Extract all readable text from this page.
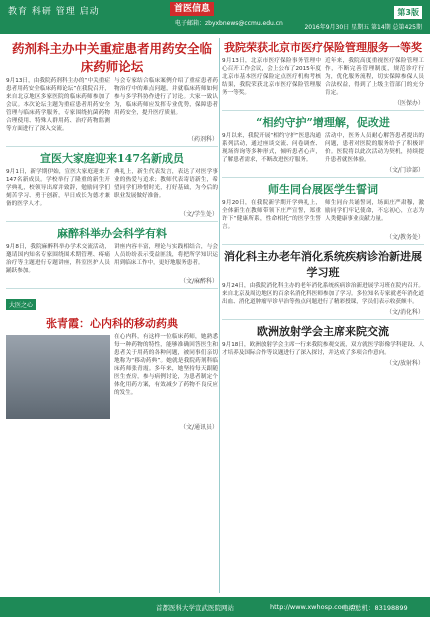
教育 科研 管理 启动	首医信息
电子邮箱：zbyxbnews@ccmu.edu.cn
第3版
2016年9月30日 星期五 第14期 总第425期
药剂科主办中关重症患者用药安全临床药师论坛
9月13日，由我院药剂科主办的“中关重症患者用药安全临床药师论坛”在我院召开，来自北京地区多家医院的临床药师参加了会议。本次论坛主题为重症患者用药安全管理与临床药学服务，专家围绕抗菌药物合理使用、特殊人群用药、治疗药物监测等方面进行了深入交流。
与会专家结合临床案例介绍了重症患者药物治疗中的难点问题，并就临床药师如何参与多学科协作进行了讨论。大家一致认为，临床药师应发挥专业优势，保障患者用药安全，提升医疗质量。
（药剂科）
宣医大家庭迎来147名新成员
9月1日，新学期伊始，宣医大家庭迎来了147名新成员。学校举行了隆重的新生开学典礼，校领导出席并致辞，勉励同学们刻苦学习、勇于创新，早日成长为德才兼备的医学人才。
典礼上，新生代表发言，表达了对医学事业的热爱与追求；教师代表寄语新生，希望同学们珍惜时光，打好基础，为今后的职业发展做好准备。
（文/学生处）
麻醉科举办会科学有料
9月8日，我院麻醉科举办学术交流活动，邀请国内知名专家围绕围术期管理、疼痛治疗等主题进行专题讲座，科室医护人员踊跃参加。
讲座内容丰富，理论与实践相结合，与会人员纷纷表示受益匪浅，将把所学知识运用到临床工作中，更好地服务患者。
（文/麻醉科）
大医之心
张青霞：心内科的移动药典
在心内科，有这样一位临床药师，她熟悉每一种药物的特性，能够准确回答医生和患者关于用药的各种问题，被同事们亲切地称为“移动药典”。她就是我院药剂科临床药师张青霞。多年来，她坚持每天跟随医生查房，参与病例讨论，为患者制定个体化用药方案，有效减少了药物不良反应的发生。
（文/通讯员）
我院荣获北京市医疗保险管理服务一等奖
9月13日，北京市医疗保险事务管理中心召开工作会议，会上公布了2015年度北京市基本医疗保险定点医疗机构考核结果，我院荣获北京市医疗保险管理服务一等奖。
近年来，我院高度重视医疗保险管理工作，不断完善管理制度，规范诊疗行为，优化服务流程，切实保障参保人员合法权益，得到了上级主管部门的充分肯定。
（医保办）
“相约守护”增理解，促改进
9月以来，我院开展“相约守护”医患沟通系列活动，通过座谈交流、问卷调查、现场咨询等多种形式，倾听患者心声，了解患者需求，不断改进医疗服务。
活动中，医务人员耐心解答患者提出的问题，患者对医院的服务给予了积极评价。医院将以此次活动为契机，持续提升患者就医体验。
（文/门诊部）
师生同台展医学生誓词
9月20日，在我院新学期开学典礼上，全体新生在教师带领下庄严宣誓，郑重许下“健康所系，性命相托”的医学生誓言。
师生同台共诵誓词，场面庄严肃穆，激励同学们牢记使命，不忘初心，立志为人类健康事业贡献力量。
（文/教务处）
消化科主办老年消化系统疾病诊治新进展学习班
9月24日，由我院消化科主办的老年消化系统疾病诊治新进展学习班在院内召开。来自北京及周边地区的百余名消化科医师参加了学习。多位知名专家就老年消化道出血、消化道肿瘤早诊早治等热点问题进行了精彩授课，学员们表示收获颇丰。
（文/消化科）
欧洲放射学会主席来院交流
9月18日，欧洲放射学会主席一行来我院参观交流，双方就医学影像学科建设、人才培养及国际合作等议题进行了深入探讨，并达成了多项合作意向。
（文/放射科）
首都医科大学宣武医院网站	http://www.xwhosp.com.cn
电话总机：83198899
